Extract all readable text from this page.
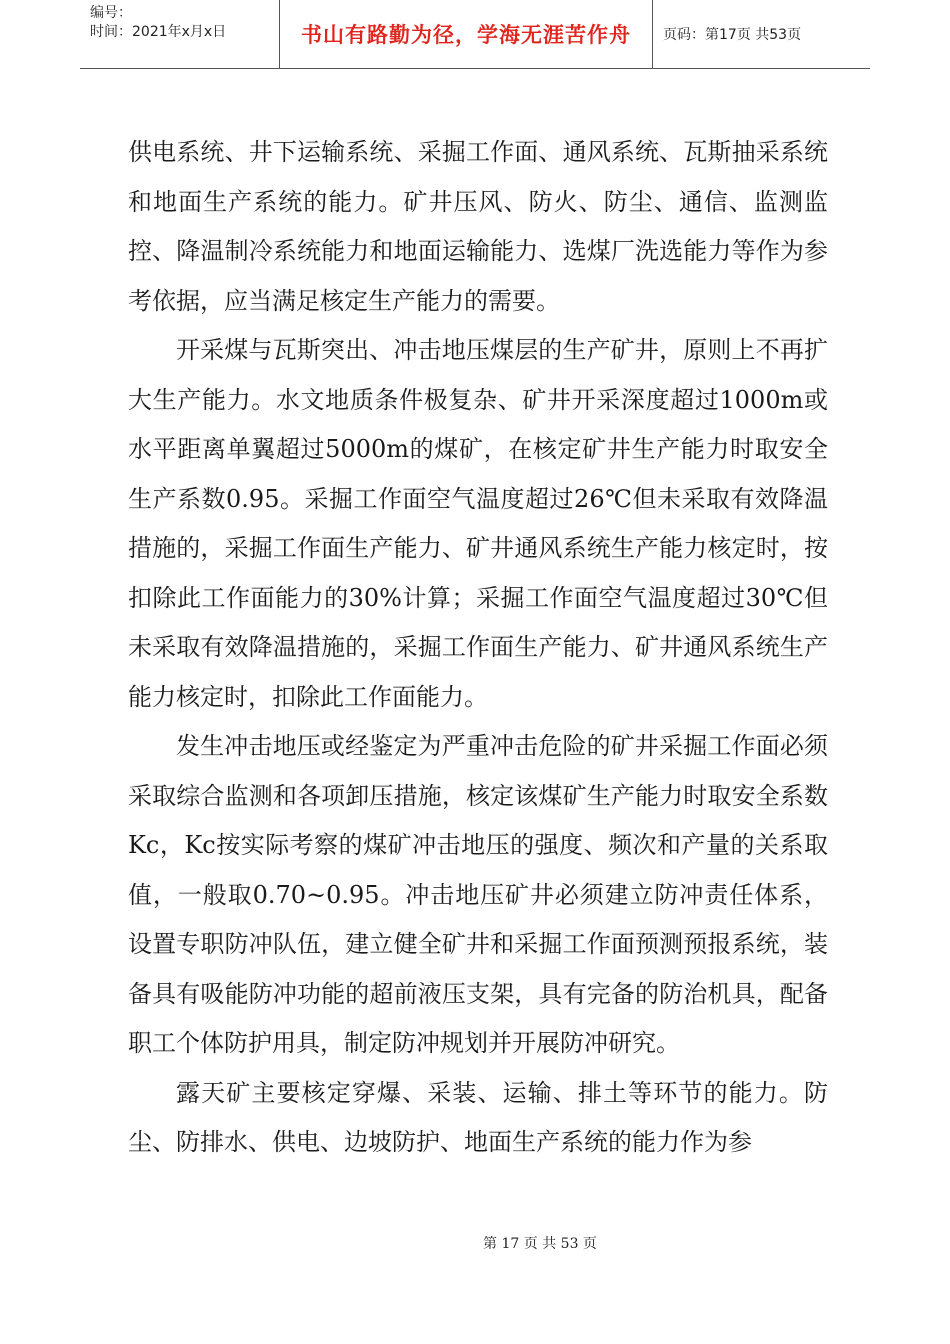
编号：
时间：2021年x月x日	书山有路勤为径，学海无涯苦作舟	页码：第17页 共53页

供电系统、井下运输系统、采掘工作面、通风系统、瓦斯抽采系统和地面生产系统的能力。矿井压风、防火、防尘、通信、监测监控、降温制冷系统能力和地面运输能力、选煤厂洗选能力等作为参考依据，应当满足核定生产能力的需要。

开采煤与瓦斯突出、冲击地压煤层的生产矿井，原则上不再扩大生产能力。水文地质条件极复杂、矿井开采深度超过1000m或水平距离单翼超过5000m的煤矿，在核定矿井生产能力时取安全生产系数0.95。采掘工作面空气温度超过26℃但未采取有效降温措施的，采掘工作面生产能力、矿井通风系统生产能力核定时，按扣除此工作面能力的30%计算；采掘工作面空气温度超过30℃但未采取有效降温措施的，采掘工作面生产能力、矿井通风系统生产能力核定时，扣除此工作面能力。

发生冲击地压或经鉴定为严重冲击危险的矿井采掘工作面必须采取综合监测和各项卸压措施，核定该煤矿生产能力时取安全系数Kc，Kc按实际考察的煤矿冲击地压的强度、频次和产量的关系取值，一般取0.70~0.95。冲击地压矿井必须建立防冲责任体系，设置专职防冲队伍，建立健全矿井和采掘工作面预测预报系统，装备具有吸能防冲功能的超前液压支架，具有完备的防治机具，配备职工个体防护用具，制定防冲规划并开展防冲研究。

露天矿主要核定穿爆、采装、运输、排土等环节的能力。防尘、防排水、供电、边坡防护、地面生产系统的能力作为参

第 17 页 共 53 页
